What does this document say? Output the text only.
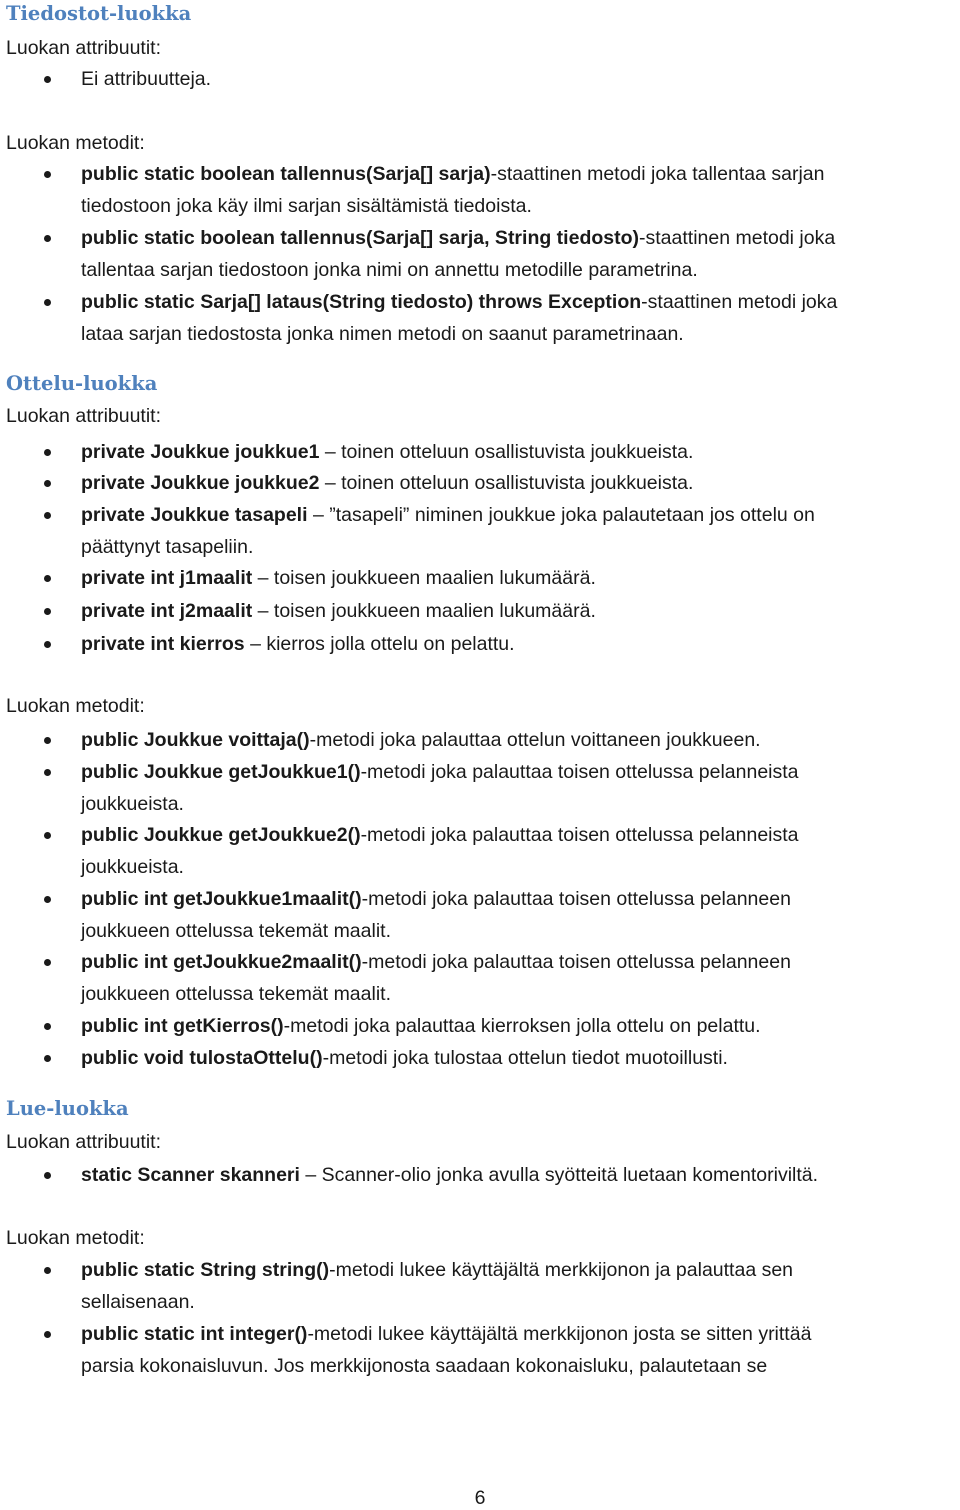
Tiedostot-luokka
Luokan attribuutit:
Ei attribuutteja.
Luokan metodit:
public static boolean tallennus(Sarja[] sarja)-staattinen metodi joka tallentaa sarjan
tiedostoon joka käy ilmi sarjan sisältämistä tiedoista.
public static boolean tallennus(Sarja[] sarja, String tiedosto)-staattinen metodi joka
tallentaa sarjan tiedostoon jonka nimi on annettu metodille parametrina.
public static Sarja[] lataus(String tiedosto) throws Exception-staattinen metodi joka
lataa sarjan tiedostosta jonka nimen metodi on saanut parametrinaan.
Ottelu-luokka
Luokan attribuutit:
private Joukkue joukkue1 – toinen otteluun osallistuvista joukkueista.
private Joukkue joukkue2 – toinen otteluun osallistuvista joukkueista.
private Joukkue tasapeli – ”tasapeli” niminen joukkue joka palautetaan jos ottelu on
päättynyt tasapeliin.
private int j1maalit – toisen joukkueen maalien lukumäärä.
private int j2maalit – toisen joukkueen maalien lukumäärä.
private int kierros – kierros jolla ottelu on pelattu.
Luokan metodit:
public Joukkue voittaja()-metodi joka palauttaa ottelun voittaneen joukkueen.
public Joukkue getJoukkue1()-metodi joka palauttaa toisen ottelussa pelanneista
joukkueista.
public Joukkue getJoukkue2()-metodi joka palauttaa toisen ottelussa pelanneista
joukkueista.
public int getJoukkue1maalit()-metodi joka palauttaa toisen ottelussa pelanneen
joukkueen ottelussa tekemät maalit.
public int getJoukkue2maalit()-metodi joka palauttaa toisen ottelussa pelanneen
joukkueen ottelussa tekemät maalit.
public int getKierros()-metodi joka palauttaa kierroksen jolla ottelu on pelattu.
public void tulostaOttelu()-metodi joka tulostaa ottelun tiedot muotoillusti.
Lue-luokka
Luokan attribuutit:
static Scanner skanneri – Scanner-olio jonka avulla syötteitä luetaan komentoriviltä.
Luokan metodit:
public static String string()-metodi lukee käyttäjältä merkkijonon ja palauttaa sen
sellaisenaan.
public static int integer()-metodi lukee käyttäjältä merkkijonon josta se sitten yrittää
parsia kokonaisluvun. Jos merkkijonosta saadaan kokonaisluku, palautetaan se
6
